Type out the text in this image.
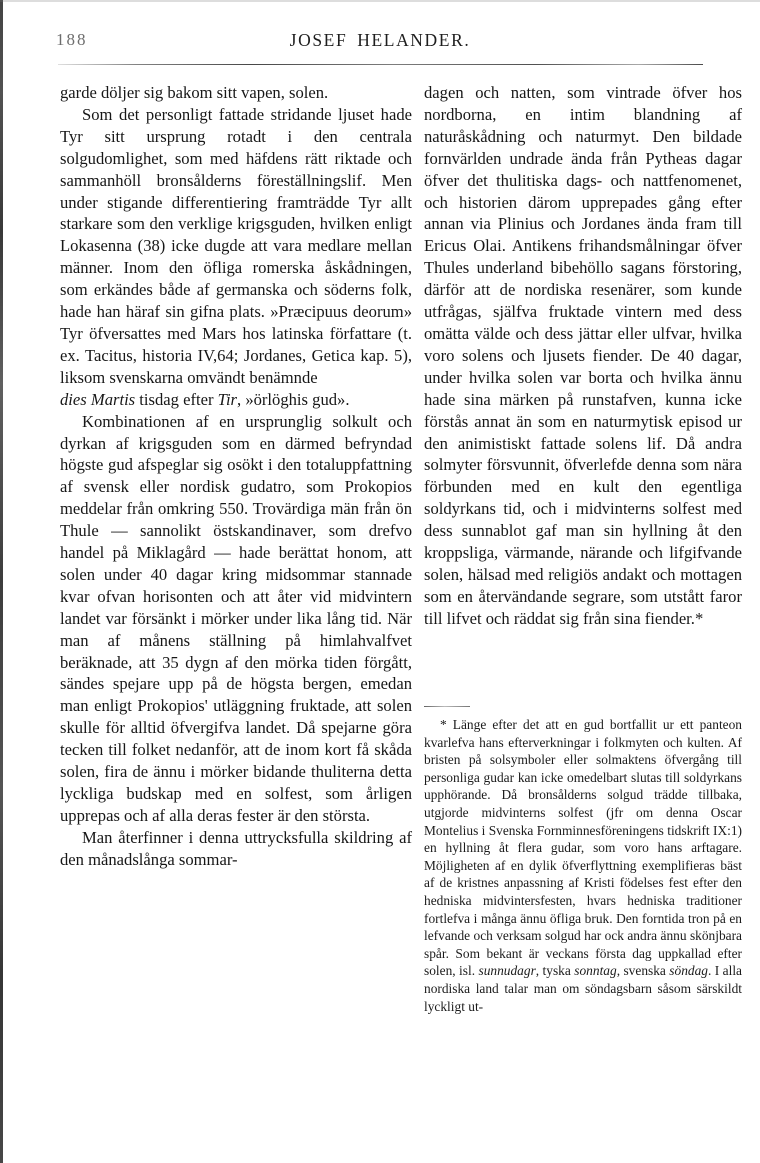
188	JOSEF HELANDER.

garde döljer sig bakom sitt vapen, solen.

Som det personligt fattade stridande ljuset hade Tyr sitt ursprung rotadt i den centrala solgudomlighet, som med häfdens rätt riktade och sammanhöll bronsålderns föreställningslif. Men under stigande differentiering framträdde Tyr allt starkare som den verklige krigsguden, hvilken enligt Lokasenna (38) icke dugde att vara medlare mellan männer. Inom den öfliga romerska åskådningen, som erkändes både af germanska och söderns folk, hade han häraf sin gifna plats. »Præcipuus deorum» Tyr öfversattes med Mars hos latinska författare (t. ex. Tacitus, historia IV,64; Jordanes, Getica kap. 5), liksom svenskarna omvändt benämnde

dies Martis tisdag efter Tir, »örlöghis gud».

Kombinationen af en ursprunglig solkult och dyrkan af krigsguden som en därmed befryndad högste gud afspeglar sig osökt i den totaluppfattning af svensk eller nordisk gudatro, som Prokopios meddelar från omkring 550. Trovärdiga män från ön Thule — sannolikt östskandinaver, som drefvo handel på Miklagård — hade berättat honom, att solen under 40 dagar kring midsommar stannade kvar ofvan horisonten och att åter vid midvintern landet var försänkt i mörker under lika lång tid. När man af månens ställning på himlahvalfvet beräknade, att 35 dygn af den mörka tiden förgått, sändes spejare upp på de högsta bergen, emedan man enligt Prokopios' utläggning fruktade, att solen skulle för alltid öfvergifva landet. Då spejarne göra tecken till folket nedanför, att de inom kort få skåda solen, fira de ännu i mörker bidande thuliterna detta lyckliga budskap med en solfest, som årligen upprepas och af alla deras fester är den största.

Man återfinner i denna uttrycksfulla skildring af den månadslånga sommar-

dagen och natten, som vintrade öfver hos nordborna, en intim blandning af naturåskådning och naturmyt. Den bildade fornvärlden undrade ända från Pytheas dagar öfver det thulitiska dags- och nattfenomenet, och historien därom upprepades gång efter annan via Plinius och Jordanes ända fram till Ericus Olai. Antikens frihandsmålningar öfver Thules underland bibehöllo sagans förstoring, därför att de nordiska resenärer, som kunde utfrågas, själfva fruktade vintern med dess omätta välde och dess jättar eller ulfvar, hvilka voro solens och ljusets fiender. De 40 dagar, under hvilka solen var borta och hvilka ännu hade sina märken på runstafven, kunna icke förstås annat än som en naturmytisk episod ur den animistiskt fattade solens lif. Då andra solmyter försvunnit, öfverlefde denna som nära förbunden med en kult den egentliga soldyrkans tid, och i midvinterns solfest med dess sunnablot gaf man sin hyllning åt den kroppsliga, värmande, närande och lifgifvande solen, hälsad med religiös andakt och mottagen som en återvändande segrare, som utstått faror till lifvet och räddat sig från sina fiender.*

* Länge efter det att en gud bortfallit ur ett panteon kvarlefva hans efterverkningar i folkmyten och kulten. Af bristen på solsymboler eller solmaktens öfvergång till personliga gudar kan icke omedelbart slutas till soldyrkans upphörande. Då bronsålderns solgud trädde tillbaka, utgjorde midvinterns solfest (jfr om denna Oscar Montelius i Svenska Fornminnesföreningens tidskrift IX:1) en hyllning åt flera gudar, som voro hans arftagare. Möjligheten af en dylik öfverflyttning exemplifieras bäst af de kristnes anpassning af Kristi födelses fest efter den hedniska midvintersfesten, hvars hedniska traditioner fortlefva i många ännu öfliga bruk. Den forntida tron på en lefvande och verksam solgud har ock andra ännu skönjbara spår. Som bekant är veckans första dag uppkallad efter solen, isl. sunnudagr, tyska sonntag, svenska söndag. I alla nordiska land talar man om söndagsbarn såsom särskildt lyckligt ut-
